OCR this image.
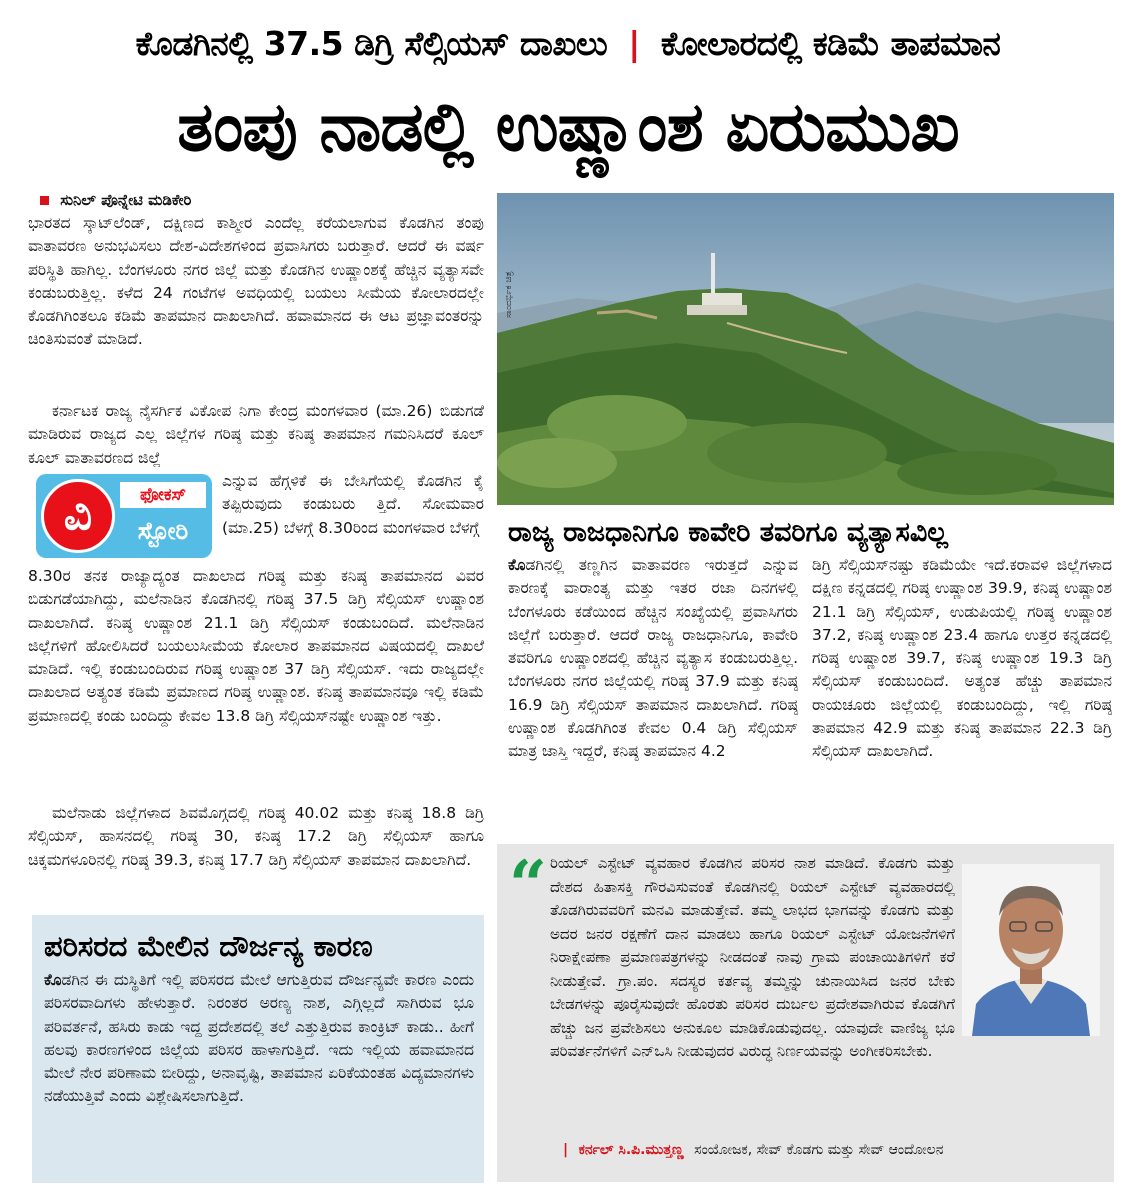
ಕೊಡಗಿನಲ್ಲಿ 37.5 ಡಿಗ್ರಿ ಸೆಲ್ಸಿಯಸ್ ದಾಖಲು | ಕೋಲಾರದಲ್ಲಿ ಕಡಿಮೆ ತಾಪಮಾನ
ತಂಪು ನಾಡಲ್ಲಿ ಉಷ್ಣಾಂಶ ಏರುಮುಖ
ಸುನಿಲ್ ಪೊನ್ನೇಟಿ ಮಡಿಕೇರಿ

ಭಾರತದ ಸ್ಕಾಟ್‌ಲೆಂಡ್, ದಕ್ಷಿಣದ ಕಾಶ್ಮೀರ ಎಂದೆಲ್ಲ ಕರೆಯಲಾಗುವ ಕೊಡಗಿನ ತಂಪು ವಾತಾವರಣ ಅನುಭವಿಸಲು ದೇಶ-ವಿದೇಶಗಳಿಂದ ಪ್ರವಾಸಿಗರು ಬರುತ್ತಾರೆ. ಆದರೆ ಈ ವರ್ಷ ಪರಿಸ್ಥಿತಿ ಹಾಗಿಲ್ಲ. ಬೆಂಗಳೂರು ನಗರ ಜಿಲ್ಲೆ ಮತ್ತು ಕೊಡಗಿನ ಉಷ್ಣಾಂಶಕ್ಕೆ ಹೆಚ್ಚಿನ ವ್ಯತ್ಯಾಸವೇ ಕಂಡುಬರುತ್ತಿಲ್ಲ. ಕಳೆದ 24 ಗಂಟೆಗಳ ಅವಧಿಯಲ್ಲಿ ಬಯಲು ಸೀಮೆಯ ಕೋಲಾರದಲ್ಲೇ ಕೊಡಗಿಗಿಂತಲೂ ಕಡಿಮೆ ತಾಪಮಾನ ದಾಖಲಾಗಿದೆ. ಹವಾಮಾನದ ಈ ಆಟ ಪ್ರಜ್ಞಾವಂತರನ್ನು ಚಿಂತಿಸುವಂತೆ ಮಾಡಿದೆ.

ಕರ್ನಾಟಕ ರಾಜ್ಯ ನೈಸರ್ಗಿಕ ವಿಕೋಪ ನಿಗಾ ಕೇಂದ್ರ ಮಂಗಳವಾರ (ಮಾ.26) ಬಿಡುಗಡೆ ಮಾಡಿರುವ ರಾಜ್ಯದ ಎಲ್ಲ ಜಿಲ್ಲೆಗಳ ಗರಿಷ್ಠ ಮತ್ತು ಕನಿಷ್ಠ ತಾಪಮಾನ ಗಮನಿಸಿದರೆ ಕೂಲ್ ಕೂಲ್ ವಾತಾವರಣದ ಜಿಲ್ಲೆ

ಎನ್ನುವ ಹೆಗ್ಗಳಿಕೆ ಈ ಬೇಸಿಗೆಯಲ್ಲಿ ಕೊಡಗಿನ ಕೈ ತಪ್ಪಿರುವುದು ಕಂಡುಬರು ತ್ತಿದೆ. ಸೋಮವಾರ (ಮಾ.25) ಬೆಳಗ್ಗೆ 8.30ರಿಂದ ಮಂಗಳವಾರ ಬೆಳಗ್ಗೆ

8.30ರ ತನಕ ರಾಜ್ಯಾದ್ಯಂತ ದಾಖಲಾದ ಗರಿಷ್ಠ ಮತ್ತು ಕನಿಷ್ಠ ತಾಪಮಾನದ ವಿವರ ಬಿಡುಗಡೆಯಾಗಿದ್ದು, ಮಲೆನಾಡಿನ ಕೊಡಗಿನಲ್ಲಿ ಗರಿಷ್ಠ 37.5 ಡಿಗ್ರಿ ಸೆಲ್ಸಿಯಸ್ ಉಷ್ಣಾಂಶ ದಾಖಲಾಗಿದೆ. ಕನಿಷ್ಠ ಉಷ್ಣಾಂಶ 21.1 ಡಿಗ್ರಿ ಸೆಲ್ಸಿಯಸ್ ಕಂಡುಬಂದಿದೆ. ಮಲೆನಾಡಿನ ಜಿಲ್ಲೆಗಳಿಗೆ ಹೋಲಿಸಿದರೆ ಬಯಲುಸೀಮೆಯ ಕೋಲಾರ ತಾಪಮಾನದ ವಿಷಯದಲ್ಲಿ ದಾಖಲೆ ಮಾಡಿದೆ. ಇಲ್ಲಿ ಕಂಡುಬಂದಿರುವ ಗರಿಷ್ಠ ಉಷ್ಣಾಂಶ 37 ಡಿಗ್ರಿ ಸೆಲ್ಸಿಯಸ್. ಇದು ರಾಜ್ಯದಲ್ಲೇ ದಾಖಲಾದ ಅತ್ಯಂತ ಕಡಿಮೆ ಪ್ರಮಾಣದ ಗರಿಷ್ಠ ಉಷ್ಣಾಂಶ. ಕನಿಷ್ಠ ತಾಪಮಾನವೂ ಇಲ್ಲಿ ಕಡಿಮೆ ಪ್ರಮಾಣದಲ್ಲಿ ಕಂಡು ಬಂದಿದ್ದು ಕೇವಲ 13.8 ಡಿಗ್ರಿ ಸೆಲ್ಸಿಯಸ್‌ನಷ್ಟೇ ಉಷ್ಣಾಂಶ ಇತ್ತು.

ಮಲೆನಾಡು ಜಿಲ್ಲೆಗಳಾದ ಶಿವಮೊಗ್ಗದಲ್ಲಿ ಗರಿಷ್ಠ 40.02 ಮತ್ತು ಕನಿಷ್ಠ 18.8 ಡಿಗ್ರಿ ಸೆಲ್ಸಿಯಸ್, ಹಾಸನದಲ್ಲಿ ಗರಿಷ್ಠ 30, ಕನಿಷ್ಠ 17.2 ಡಿಗ್ರಿ ಸೆಲ್ಸಿಯಸ್ ಹಾಗೂ ಚಿಕ್ಕಮಗಳೂರಿನಲ್ಲಿ ಗರಿಷ್ಠ 39.3, ಕನಿಷ್ಠ 17.7 ಡಿಗ್ರಿ ಸೆಲ್ಸಿಯಸ್ ತಾಪಮಾನ ದಾಖಲಾಗಿದೆ.

ವಿ	ಫೋಕಸ್
ಸ್ಟೋರಿ
ಸಾಂದರ್ಭಿಕ ಚಿತ್ರ
ರಾಜ್ಯ ರಾಜಧಾನಿಗೂ ಕಾವೇರಿ ತವರಿಗೂ ವ್ಯತ್ಯಾಸವಿಲ್ಲ

ಕೊಡಗಿನಲ್ಲಿ ತಣ್ಣಗಿನ ವಾತಾವರಣ ಇರುತ್ತದೆ ಎನ್ನುವ ಕಾರಣಕ್ಕೆ ವಾರಾಂತ್ಯ ಮತ್ತು ಇತರ ರಜಾ ದಿನಗಳಲ್ಲಿ ಬೆಂಗಳೂರು ಕಡೆಯಿಂದ ಹೆಚ್ಚಿನ ಸಂಖ್ಯೆಯಲ್ಲಿ ಪ್ರವಾಸಿಗರು ಜಿಲ್ಲೆಗೆ ಬರುತ್ತಾರೆ. ಆದರೆ ರಾಜ್ಯ ರಾಜಧಾನಿಗೂ, ಕಾವೇರಿ ತವರಿಗೂ ಉಷ್ಣಾಂಶದಲ್ಲಿ ಹೆಚ್ಚಿನ ವ್ಯತ್ಯಾಸ ಕಂಡುಬರುತ್ತಿಲ್ಲ. ಬೆಂಗಳೂರು ನಗರ ಜಿಲ್ಲೆಯಲ್ಲಿ ಗರಿಷ್ಠ 37.9 ಮತ್ತು ಕನಿಷ್ಠ 16.9 ಡಿಗ್ರಿ ಸೆಲ್ಸಿಯಸ್ ತಾಪಮಾನ ದಾಖಲಾಗಿದೆ. ಗರಿಷ್ಠ ಉಷ್ಣಾಂಶ ಕೊಡಗಿಗಿಂತ ಕೇವಲ 0.4 ಡಿಗ್ರಿ ಸೆಲ್ಸಿಯಸ್ ಮಾತ್ರ ಜಾಸ್ತಿ ಇದ್ದರೆ, ಕನಿಷ್ಠ ತಾಪಮಾನ 4.2

ಡಿಗ್ರಿ ಸೆಲ್ಸಿಯಸ್‌ನಷ್ಟು ಕಡಿಮೆಯೇ ಇದೆ.ಕರಾವಳಿ ಜಿಲ್ಲೆಗಳಾದ ದಕ್ಷಿಣ ಕನ್ನಡದಲ್ಲಿ ಗರಿಷ್ಠ ಉಷ್ಣಾಂಶ 39.9, ಕನಿಷ್ಠ ಉಷ್ಣಾಂಶ 21.1 ಡಿಗ್ರಿ ಸೆಲ್ಸಿಯಸ್, ಉಡುಪಿಯಲ್ಲಿ ಗರಿಷ್ಠ ಉಷ್ಣಾಂಶ 37.2, ಕನಿಷ್ಠ ಉಷ್ಣಾಂಶ 23.4 ಹಾಗೂ ಉತ್ತರ ಕನ್ನಡದಲ್ಲಿ ಗರಿಷ್ಠ ಉಷ್ಣಾಂಶ 39.7, ಕನಿಷ್ಠ ಉಷ್ಣಾಂಶ 19.3 ಡಿಗ್ರಿ ಸೆಲ್ಸಿಯಸ್ ಕಂಡುಬಂದಿದೆ. ಅತ್ಯಂತ ಹೆಚ್ಚು ತಾಪಮಾನ ರಾಯಚೂರು ಜಿಲ್ಲೆಯಲ್ಲಿ ಕಂಡುಬಂದಿದ್ದು, ಇಲ್ಲಿ ಗರಿಷ್ಠ ತಾಪಮಾನ 42.9 ಮತ್ತು ಕನಿಷ್ಠ ತಾಪಮಾನ 22.3 ಡಿಗ್ರಿ ಸೆಲ್ಸಿಯಸ್ ದಾಖಲಾಗಿದೆ.

ಪರಿಸರದ ಮೇಲಿನ ದೌರ್ಜನ್ಯ ಕಾರಣ

ಕೊಡಗಿನ ಈ ದುಸ್ಥಿತಿಗೆ ಇಲ್ಲಿ ಪರಿಸರದ ಮೇಲೆ ಆಗುತ್ತಿರುವ ದೌರ್ಜನ್ಯವೇ ಕಾರಣ ಎಂದು ಪರಿಸರವಾದಿಗಳು ಹೇಳುತ್ತಾರೆ. ನಿರಂತರ ಅರಣ್ಯ ನಾಶ, ಎಗ್ಗಿಲ್ಲದೆ ಸಾಗಿರುವ ಭೂ ಪರಿವರ್ತನೆ, ಹಸಿರು ಕಾಡು ಇದ್ದ ಪ್ರದೇಶದಲ್ಲಿ ತಲೆ ಎತ್ತುತ್ತಿರುವ ಕಾಂಕ್ರಿಟ್ ಕಾಡು.. ಹೀಗೆ ಹಲವು ಕಾರಣಗಳಿಂದ ಜಿಲ್ಲೆಯ ಪರಿಸರ ಹಾಳಾಗುತ್ತಿದೆ. ಇದು ಇಲ್ಲಿಯ ಹವಾಮಾನದ ಮೇಲೆ ನೇರ ಪರಿಣಾಮ ಬೀರಿದ್ದು, ಅನಾವೃಷ್ಟಿ, ತಾಪಮಾನ ಏರಿಕೆಯಂತಹ ವಿದ್ಯಮಾನಗಳು ನಡೆಯುತ್ತಿವೆ ಎಂದು ವಿಶ್ಲೇಷಿಸಲಾಗುತ್ತಿದೆ.

“ ರಿಯಲ್ ಎಸ್ಟೇಟ್ ವ್ಯವಹಾರ ಕೊಡಗಿನ ಪರಿಸರ ನಾಶ ಮಾಡಿದೆ. ಕೊಡಗು ಮತ್ತು ದೇಶದ ಹಿತಾಸಕ್ತಿ ಗೌರವಿಸುವಂತೆ ಕೊಡಗಿನಲ್ಲಿ ರಿಯಲ್ ಎಸ್ಟೇಟ್ ವ್ಯವಹಾರದಲ್ಲಿ ತೊಡಗಿರುವವರಿಗೆ ಮನವಿ ಮಾಡುತ್ತೇವೆ. ತಮ್ಮ ಲಾಭದ ಭಾಗವನ್ನು ಕೊಡಗು ಮತ್ತು ಅದರ ಜನರ ರಕ್ಷಣೆಗೆ ದಾನ ಮಾಡಲು ಹಾಗೂ ರಿಯಲ್ ಎಸ್ಟೇಟ್ ಯೋಜನೆಗಳಿಗೆ ನಿರಾಕ್ಷೇಪಣಾ ಪ್ರಮಾಣಪತ್ರಗಳನ್ನು ನೀಡದಂತೆ ನಾವು ಗ್ರಾಮ ಪಂಚಾಯಿತಿಗಳಿಗೆ ಕರೆ ನೀಡುತ್ತೇವೆ. ಗ್ರಾ.ಪಂ. ಸದಸ್ಯರ ಕರ್ತವ್ಯ ತಮ್ಮನ್ನು ಚುನಾಯಿಸಿದ ಜನರ ಬೇಕು ಬೇಡಗಳನ್ನು ಪೂರೈಸುವುದೇ ಹೊರತು ಪರಿಸರ ದುರ್ಬಲ ಪ್ರದೇಶವಾಗಿರುವ ಕೊಡಗಿಗೆ ಹೆಚ್ಚು ಜನ ಪ್ರವೇಶಿಸಲು ಅನುಕೂಲ ಮಾಡಿಕೊಡುವುದಲ್ಲ. ಯಾವುದೇ ವಾಣಿಜ್ಯ ಭೂ ಪರಿವರ್ತನೆಗಳಿಗೆ ಎನ್‌ಒಸಿ ನೀಡುವುದರ ವಿರುದ್ಧ ನಿರ್ಣಯವನ್ನು ಅಂಗೀಕರಿಸಬೇಕು.

| ಕರ್ನಲ್ ಸಿ.ಪಿ.ಮುತ್ತಣ್ಣ ಸಂಯೋಜಕ, ಸೇವ್ ಕೊಡಗು ಮತ್ತು ಸೇವ್ ಆಂದೋಲನ
